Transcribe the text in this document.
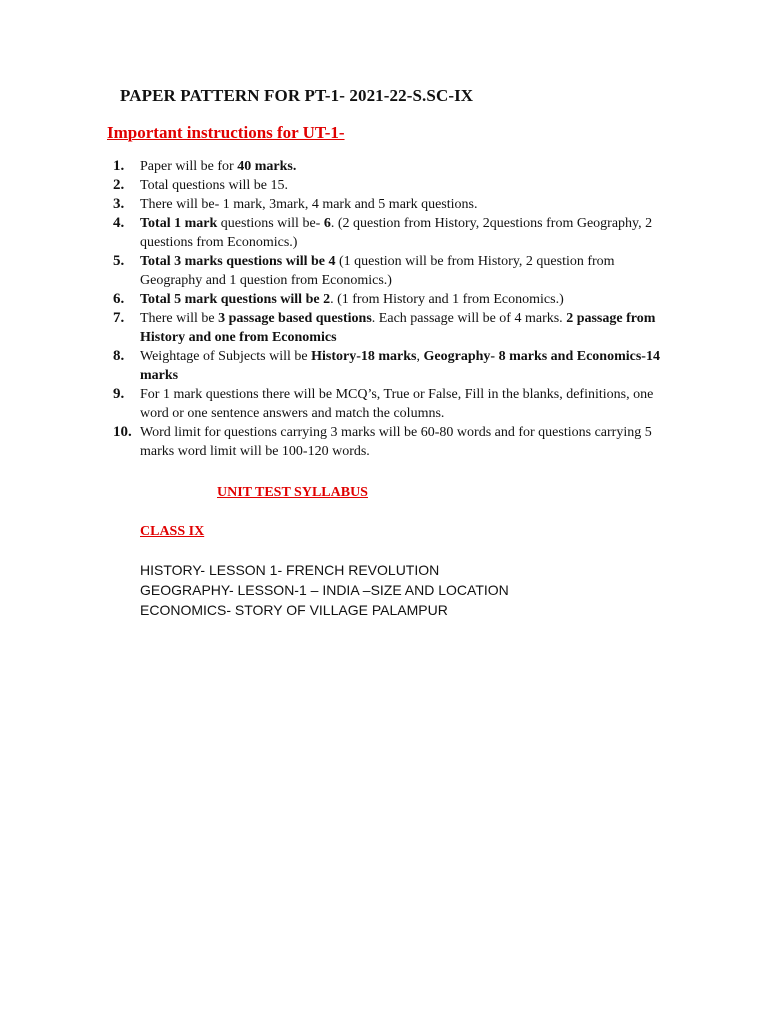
PAPER PATTERN FOR PT-1- 2021-22-S.SC-IX
Important instructions for UT-1-
1.	Paper will be for 40 marks.
2.	Total questions will be 15.
3.	There will be- 1 mark, 3mark, 4 mark and 5 mark questions.
4.	Total 1 mark questions will be- 6. (2 question from History, 2questions from Geography, 2 questions from Economics.)
5.	Total 3 marks questions will be 4 (1 question will be from History, 2 question from Geography and 1 question from Economics.)
6.	Total 5 mark questions will be 2. (1 from History and 1 from Economics.)
7.	There will be 3 passage based questions. Each passage will be of 4 marks. 2 passage from History and one from Economics
8.	Weightage of Subjects will be History-18 marks, Geography- 8 marks and Economics-14 marks
9.	For 1 mark questions there will be MCQ’s, True or False, Fill in the blanks, definitions, one word or one sentence answers and match the columns.
10. Word limit for questions carrying 3 marks will be 60-80 words and for questions carrying 5 marks word limit will be 100-120 words.
UNIT TEST SYLLABUS
CLASS IX
HISTORY- LESSON 1- FRENCH REVOLUTION
GEOGRAPHY- LESSON-1 – INDIA –SIZE AND LOCATION
ECONOMICS- STORY OF VILLAGE PALAMPUR
